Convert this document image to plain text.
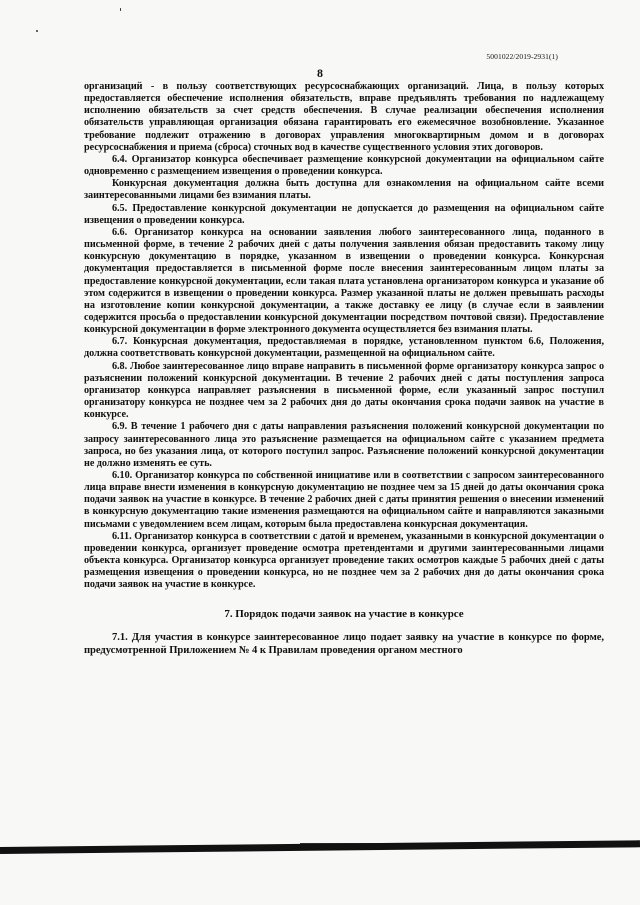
5001022/2019-2931(1)
8

организаций - в пользу соответствующих ресурсоснабжающих организаций. Лица, в пользу которых предоставляется обеспечение исполнения обязательств, вправе предъявлять требования по надлежащему исполнению обязательств за счет средств обеспечения. В случае реализации обеспечения исполнения обязательств управляющая организация обязана гарантировать его ежемесячное возобновление. Указанное требование подлежит отражению в договорах управления многоквартирным домом и в договорах ресурсоснабжения и приема (сброса) сточных вод в качестве существенного условия этих договоров.

6.4. Организатор конкурса обеспечивает размещение конкурсной документации на официальном сайте одновременно с размещением извещения о проведении конкурса.

Конкурсная документация должна быть доступна для ознакомления на официальном сайте всеми заинтересованными лицами без взимания платы.

6.5. Предоставление конкурсной документации не допускается до размещения на официальном сайте извещения о проведении конкурса.

6.6. Организатор конкурса на основании заявления любого заинтересованного лица, поданного в письменной форме, в течение 2 рабочих дней с даты получения заявления обязан предоставить такому лицу конкурсную документацию в порядке, указанном в извещении о проведении конкурса. Конкурсная документация предоставляется в письменной форме после внесения заинтересованным лицом платы за предоставление конкурсной документации, если такая плата установлена организатором конкурса и указание об этом содержится в извещении о проведении конкурса. Размер указанной платы не должен превышать расходы на изготовление копии конкурсной документации, а также доставку ее лицу (в случае если в заявлении содержится просьба о предоставлении конкурсной документации посредством почтовой связи). Предоставление конкурсной документации в форме электронного документа осуществляется без взимания платы.

6.7. Конкурсная документация, предоставляемая в порядке, установленном пунктом 6.6, Положения, должна соответствовать конкурсной документации, размещенной на официальном сайте.

6.8. Любое заинтересованное лицо вправе направить в письменной форме организатору конкурса запрос о разъяснении положений конкурсной документации. В течение 2 рабочих дней с даты поступления запроса организатор конкурса направляет разъяснения в письменной форме, если указанный запрос поступил организатору конкурса не позднее чем за 2 рабочих дня до даты окончания срока подачи заявок на участие в конкурсе.

6.9. В течение 1 рабочего дня с даты направления разъяснения положений конкурсной документации по запросу заинтересованного лица это разъяснение размещается на официальном сайте с указанием предмета запроса, но без указания лица, от которого поступил запрос. Разъяснение положений конкурсной документации не должно изменять ее суть.

6.10. Организатор конкурса по собственной инициативе или в соответствии с запросом заинтересованного лица вправе внести изменения в конкурсную документацию не позднее чем за 15 дней до даты окончания срока подачи заявок на участие в конкурсе. В течение 2 рабочих дней с даты принятия решения о внесении изменений в конкурсную документацию такие изменения размещаются на официальном сайте и направляются заказными письмами с уведомлением всем лицам, которым была предоставлена конкурсная документация.

6.11. Организатор конкурса в соответствии с датой и временем, указанными в конкурсной документации о проведении конкурса, организует проведение осмотра претендентами и другими заинтересованными лицами объекта конкурса. Организатор конкурса организует проведение таких осмотров каждые 5 рабочих дней с даты размещения извещения о проведении конкурса, но не позднее чем за 2 рабочих дня до даты окончания срока подачи заявок на участие в конкурсе.

7. Порядок подачи заявок на участие в конкурсе

7.1. Для участия в конкурсе заинтересованное лицо подает заявку на участие в конкурсе по форме, предусмотренной Приложением № 4 к Правилам проведения органом местного
